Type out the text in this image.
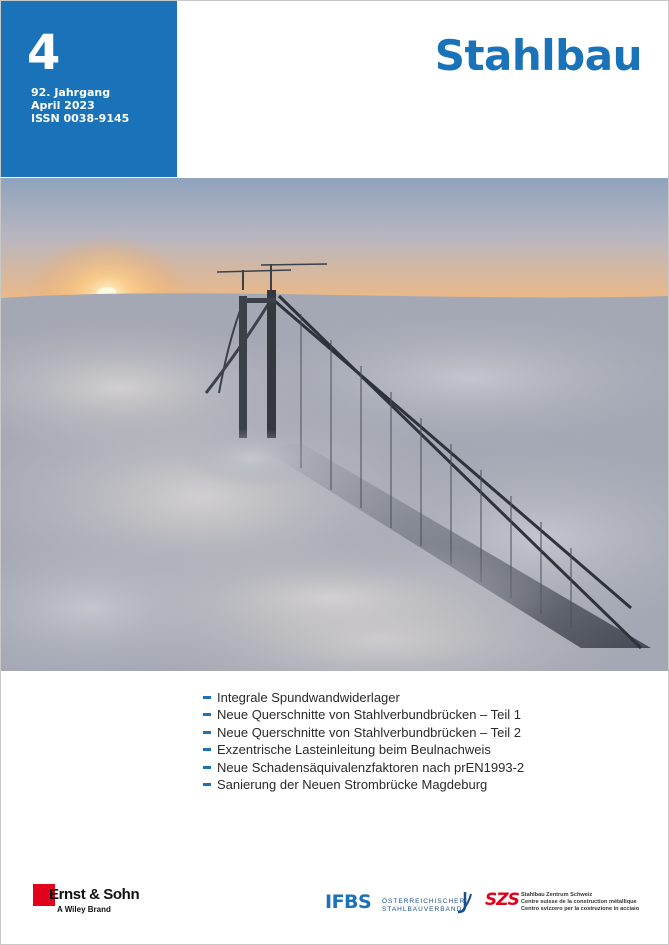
4
92. Jahrgang
April 2023
ISSN 0038-9145
Stahlbau
Integrale Spundwandwiderlager
Neue Querschnitte von Stahlverbundbrücken – Teil 1
Neue Querschnitte von Stahlverbundbrücken – Teil 2
Exzentrische Lasteinleitung beim Beulnachweis
Neue Schadensäquivalenzfaktoren nach prEN1993-2
Sanierung der Neuen Strombrücke Magdeburg
Ernst & Sohn
A Wiley Brand	IFBS ÖSTERREICHISCHER
STAHLBAUVERBAND SZS Stahlbau Zentrum Schweiz
Centre suisse de la construction métallique
Centro svizzero per la costruzione in acciaio
